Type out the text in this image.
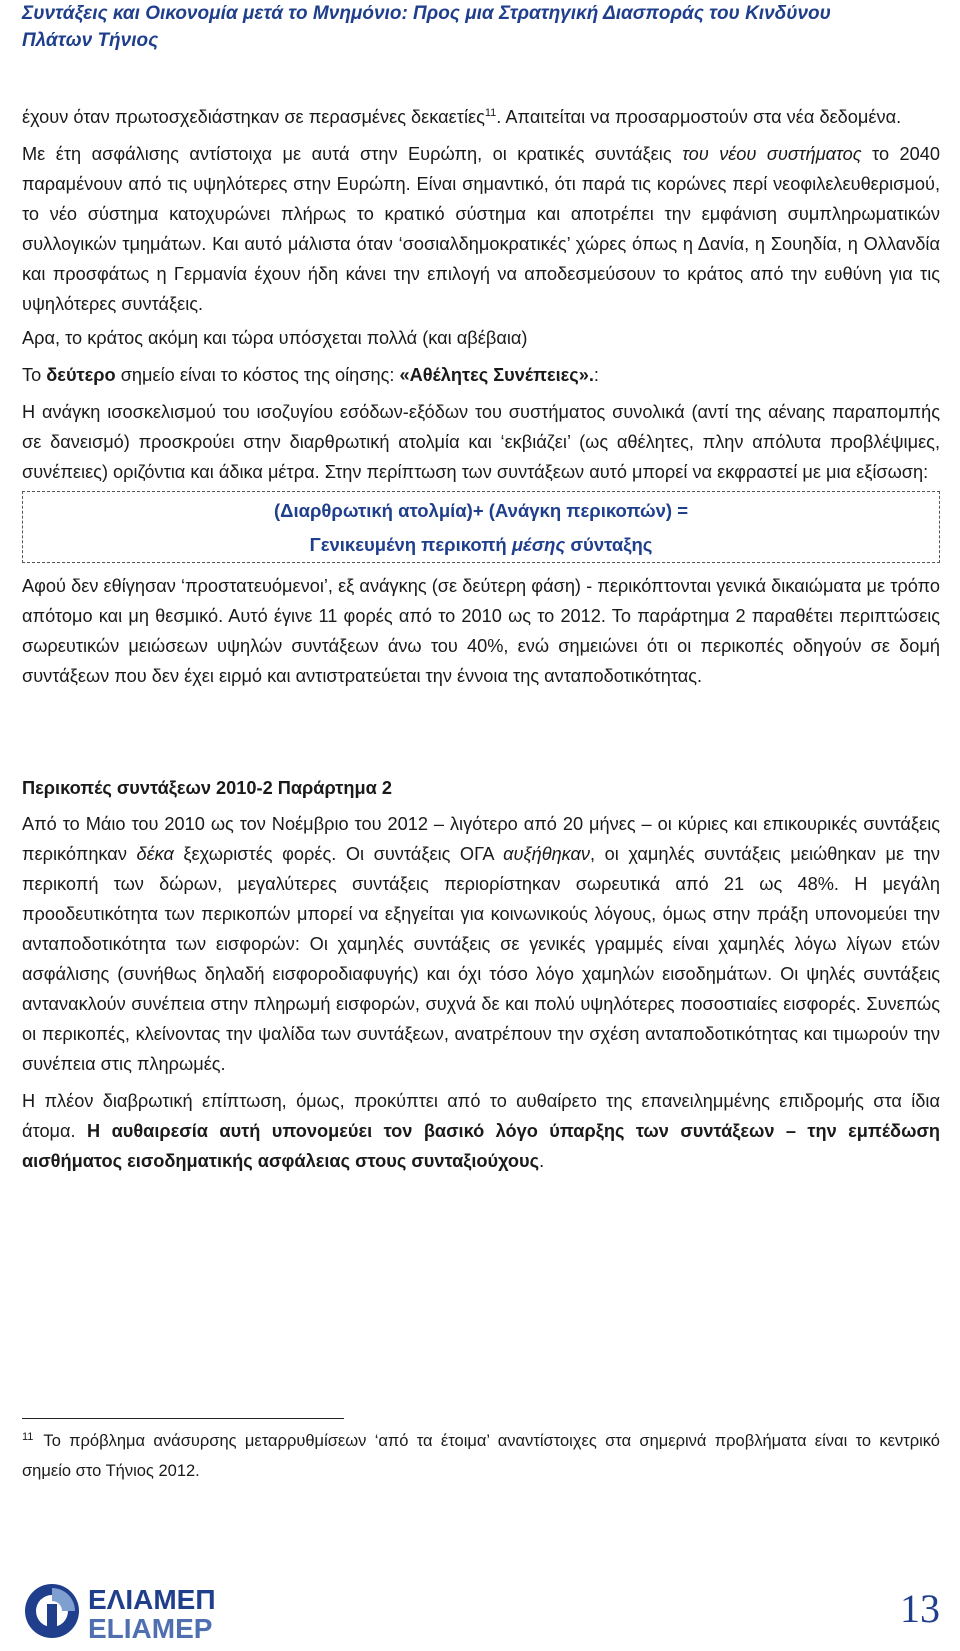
Συντάξεις και Οικονομία μετά το Μνημόνιο: Προς μια Στρατηγική Διασποράς του Κινδύνου
Πλάτων Τήνιος

έχουν όταν πρωτοσχεδιάστηκαν σε περασμένες δεκαετίες$^{11}$. Απαιτείται να προσαρμοστούν στα νέα δεδομένα.

Με έτη ασφάλισης αντίστοιχα με αυτά στην Ευρώπη, οι κρατικές συντάξεις του νέου συστήματος το 2040 παραμένουν από τις υψηλότερες στην Ευρώπη. Είναι σημαντικό, ότι παρά τις κορώνες περί νεοφιλελευθερισμού, το νέο σύστημα κατοχυρώνει πλήρως το κρατικό σύστημα και αποτρέπει την εμφάνιση συμπληρωματικών συλλογικών τμημάτων. Και αυτό μάλιστα όταν ‘σοσιαλδημοκρατικές’ χώρες όπως η Δανία, η Σουηδία, η Ολλανδία και προσφάτως η Γερμανία έχουν ήδη κάνει την επιλογή να αποδεσμεύσουν το κράτος από την ευθύνη για τις υψηλότερες συντάξεις.

Αρα, το κράτος ακόμη και τώρα υπόσχεται πολλά (και αβέβαια)

Το δεύτερο σημείο είναι το κόστος της οίησης: «Αθέλητες Συνέπειες».:

Η ανάγκη ισοσκελισμού του ισοζυγίου εσόδων-εξόδων του συστήματος συνολικά (αντί της αέναης παραπομπής σε δανεισμό) προσκρούει στην διαρθρωτική ατολμία και ‘εκβιάζει’ (ως αθέλητες, πλην απόλυτα προβλέψιμες, συνέπειες) οριζόντια και άδικα μέτρα. Στην περίπτωση των συντάξεων αυτό μπορεί να εκφραστεί με μια εξίσωση:

(Διαρθρωτική ατολμία)+ (Ανάγκη περικοπών) =
Γενικευμένη περικοπή μέσης σύνταξης

Αφού δεν εθίγησαν ‘προστατευόμενοι’, εξ ανάγκης (σε δεύτερη φάση) - περικόπτονται γενικά δικαιώματα με τρόπο απότομο και μη θεσμικό. Αυτό έγινε 11 φορές από το 2010 ως το 2012. Το παράρτημα 2 παραθέτει περιπτώσεις σωρευτικών μειώσεων υψηλών συντάξεων άνω του 40%, ενώ σημειώνει ότι οι περικοπές οδηγούν σε δομή συντάξεων που δεν έχει ειρμό και αντιστρατεύεται την έννοια της ανταποδοτικότητας.

Περικοπές συντάξεων 2010-2 Παράρτημα 2

Από το Μάιο του 2010 ως τον Νοέμβριο του 2012 – λιγότερο από 20 μήνες – οι κύριες και επικουρικές συντάξεις περικόπηκαν δέκα ξεχωριστές φορές. Οι συντάξεις ΟΓΑ αυξήθηκαν, οι χαμηλές συντάξεις μειώθηκαν με την περικοπή των δώρων, μεγαλύτερες συντάξεις περιορίστηκαν σωρευτικά από 21 ως 48%. Η μεγάλη προοδευτικότητα των περικοπών μπορεί να εξηγείται για κοινωνικούς λόγους, όμως στην πράξη υπονομεύει την ανταποδοτικότητα των εισφορών: Οι χαμηλές συντάξεις σε γενικές γραμμές είναι χαμηλές λόγω λίγων ετών ασφάλισης (συνήθως δηλαδή εισφοροδιαφυγής) και όχι τόσο λόγο χαμηλών εισοδημάτων. Οι ψηλές συντάξεις αντανακλούν συνέπεια στην πληρωμή εισφορών, συχνά δε και πολύ υψηλότερες ποσοστιαίες εισφορές. Συνεπώς οι περικοπές, κλείνοντας την ψαλίδα των συντάξεων, ανατρέπουν την σχέση ανταποδοτικότητας και τιμωρούν την συνέπεια στις πληρωμές.

Η πλέον διαβρωτική επίπτωση, όμως, προκύπτει από το αυθαίρετο της επανειλημμένης επιδρομής στα ίδια άτομα. Η αυθαιρεσία αυτή υπονομεύει τον βασικό λόγο ύπαρξης των συντάξεων – την εμπέδωση αισθήματος εισοδηματικής ασφάλειας στους συνταξιούχους.

$^{11}$ Το πρόβλημα ανάσυρσης μεταρρυθμίσεων ‘από τα έτοιμα’ αναντίστοιχες στα σημερινά προβλήματα είναι το κεντρικό σημείο στο Τήνιος 2012.
ΕΛΙΑΜΕΠ
ELIAMEP	13
